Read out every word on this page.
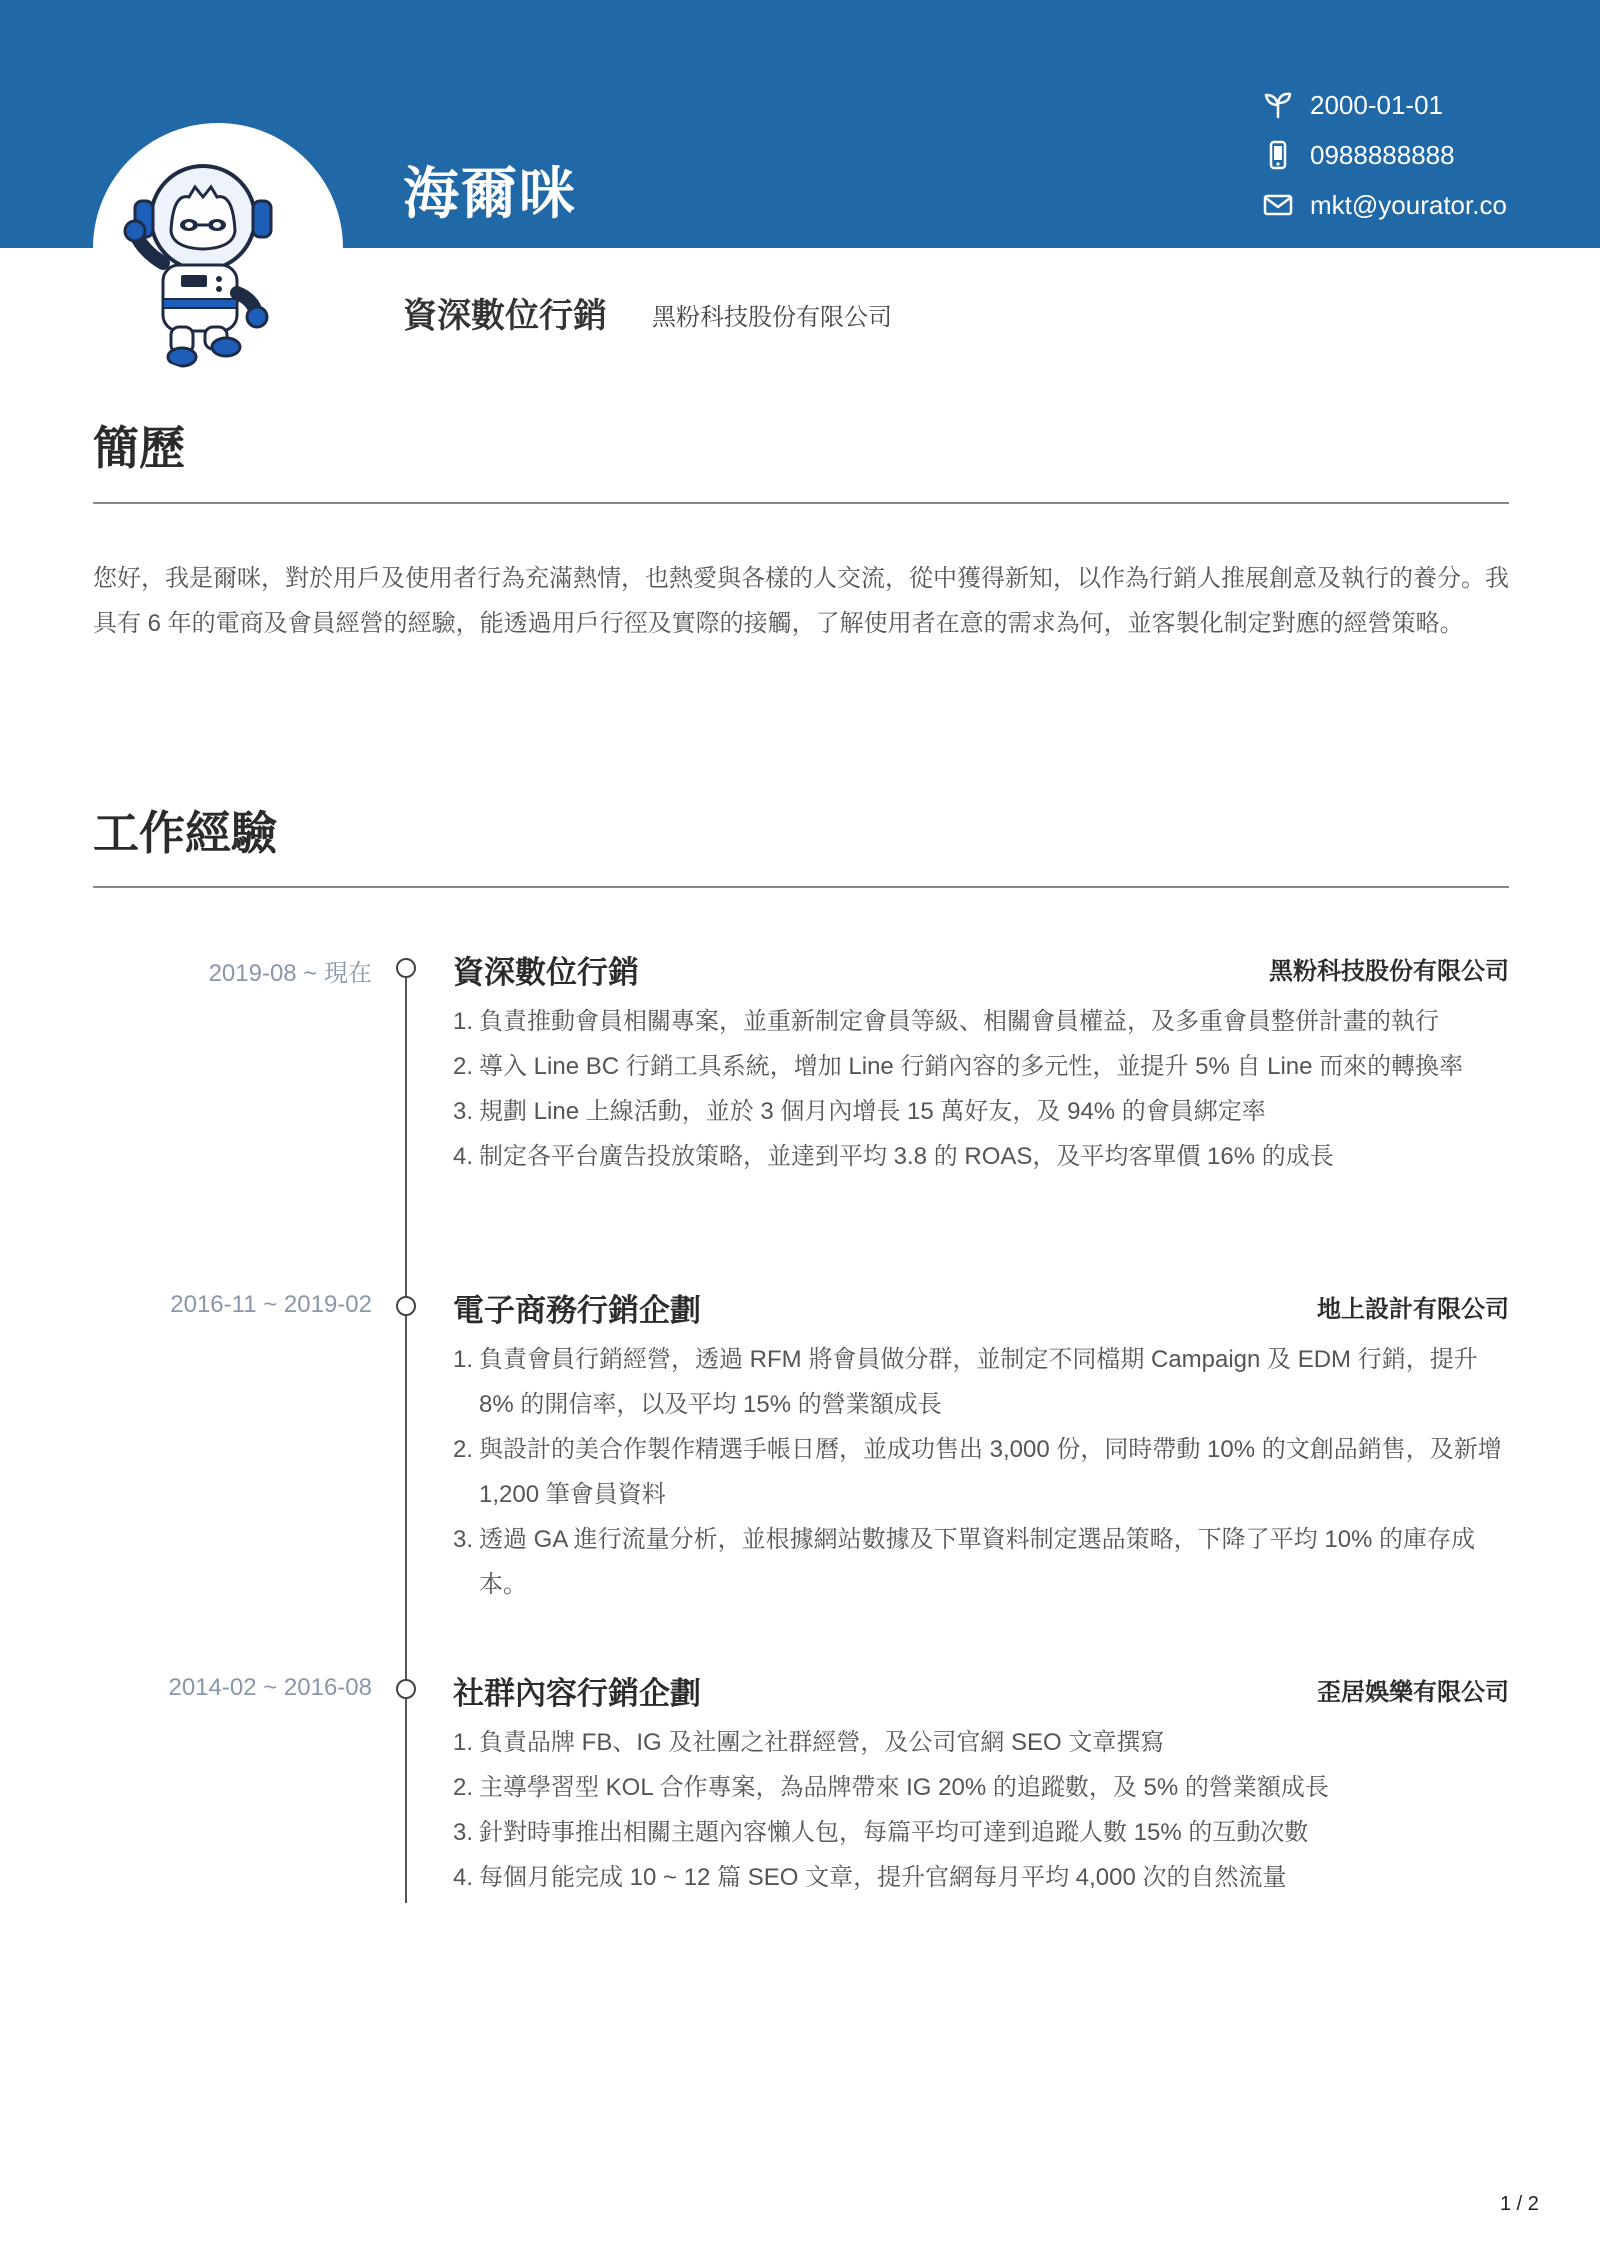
海爾咪
2000-01-01
0988888888
mkt@yourator.co
資深數位行銷 黑粉科技股份有限公司
簡歷
您好，我是爾咪，對於用戶及使用者行為充滿熱情，也熱愛與各樣的人交流，從中獲得新知，以作為行銷人推展創意及執行的養分。我具有 6 年的電商及會員經營的經驗，能透過用戶行徑及實際的接觸，了解使用者在意的需求為何，並客製化制定對應的經營策略。
工作經驗
2019-08 ~ 現在	資深數位行銷	黑粉科技股份有限公司
1. 負責推動會員相關專案，並重新制定會員等級、相關會員權益，及多重會員整併計畫的執行
2. 導入 Line BC 行銷工具系統，增加 Line 行銷內容的多元性，並提升 5% 自 Line 而來的轉換率
3. 規劃 Line 上線活動，並於 3 個月內增長 15 萬好友，及 94% 的會員綁定率
4. 制定各平台廣告投放策略，並達到平均 3.8 的 ROAS，及平均客單價 16% 的成長
2016-11 ~ 2019-02	電子商務行銷企劃	地上設計有限公司
1. 負責會員行銷經營，透過 RFM 將會員做分群，並制定不同檔期 Campaign 及 EDM 行銷，提升 8% 的開信率，以及平均 15% 的營業額成長
2. 與設計的美合作製作精選手帳日曆，並成功售出 3,000 份，同時帶動 10% 的文創品銷售，及新增 1,200 筆會員資料
3. 透過 GA 進行流量分析，並根據網站數據及下單資料制定選品策略，下降了平均 10% 的庫存成本。
2014-02 ~ 2016-08	社群內容行銷企劃	歪居娛樂有限公司
1. 負責品牌 FB、IG 及社團之社群經營，及公司官網 SEO 文章撰寫
2. 主導學習型 KOL 合作專案，為品牌帶來 IG 20% 的追蹤數，及 5% 的營業額成長
3. 針對時事推出相關主題內容懶人包，每篇平均可達到追蹤人數 15% 的互動次數
4. 每個月能完成 10 ~ 12 篇 SEO 文章，提升官網每月平均 4,000 次的自然流量
1 / 2
